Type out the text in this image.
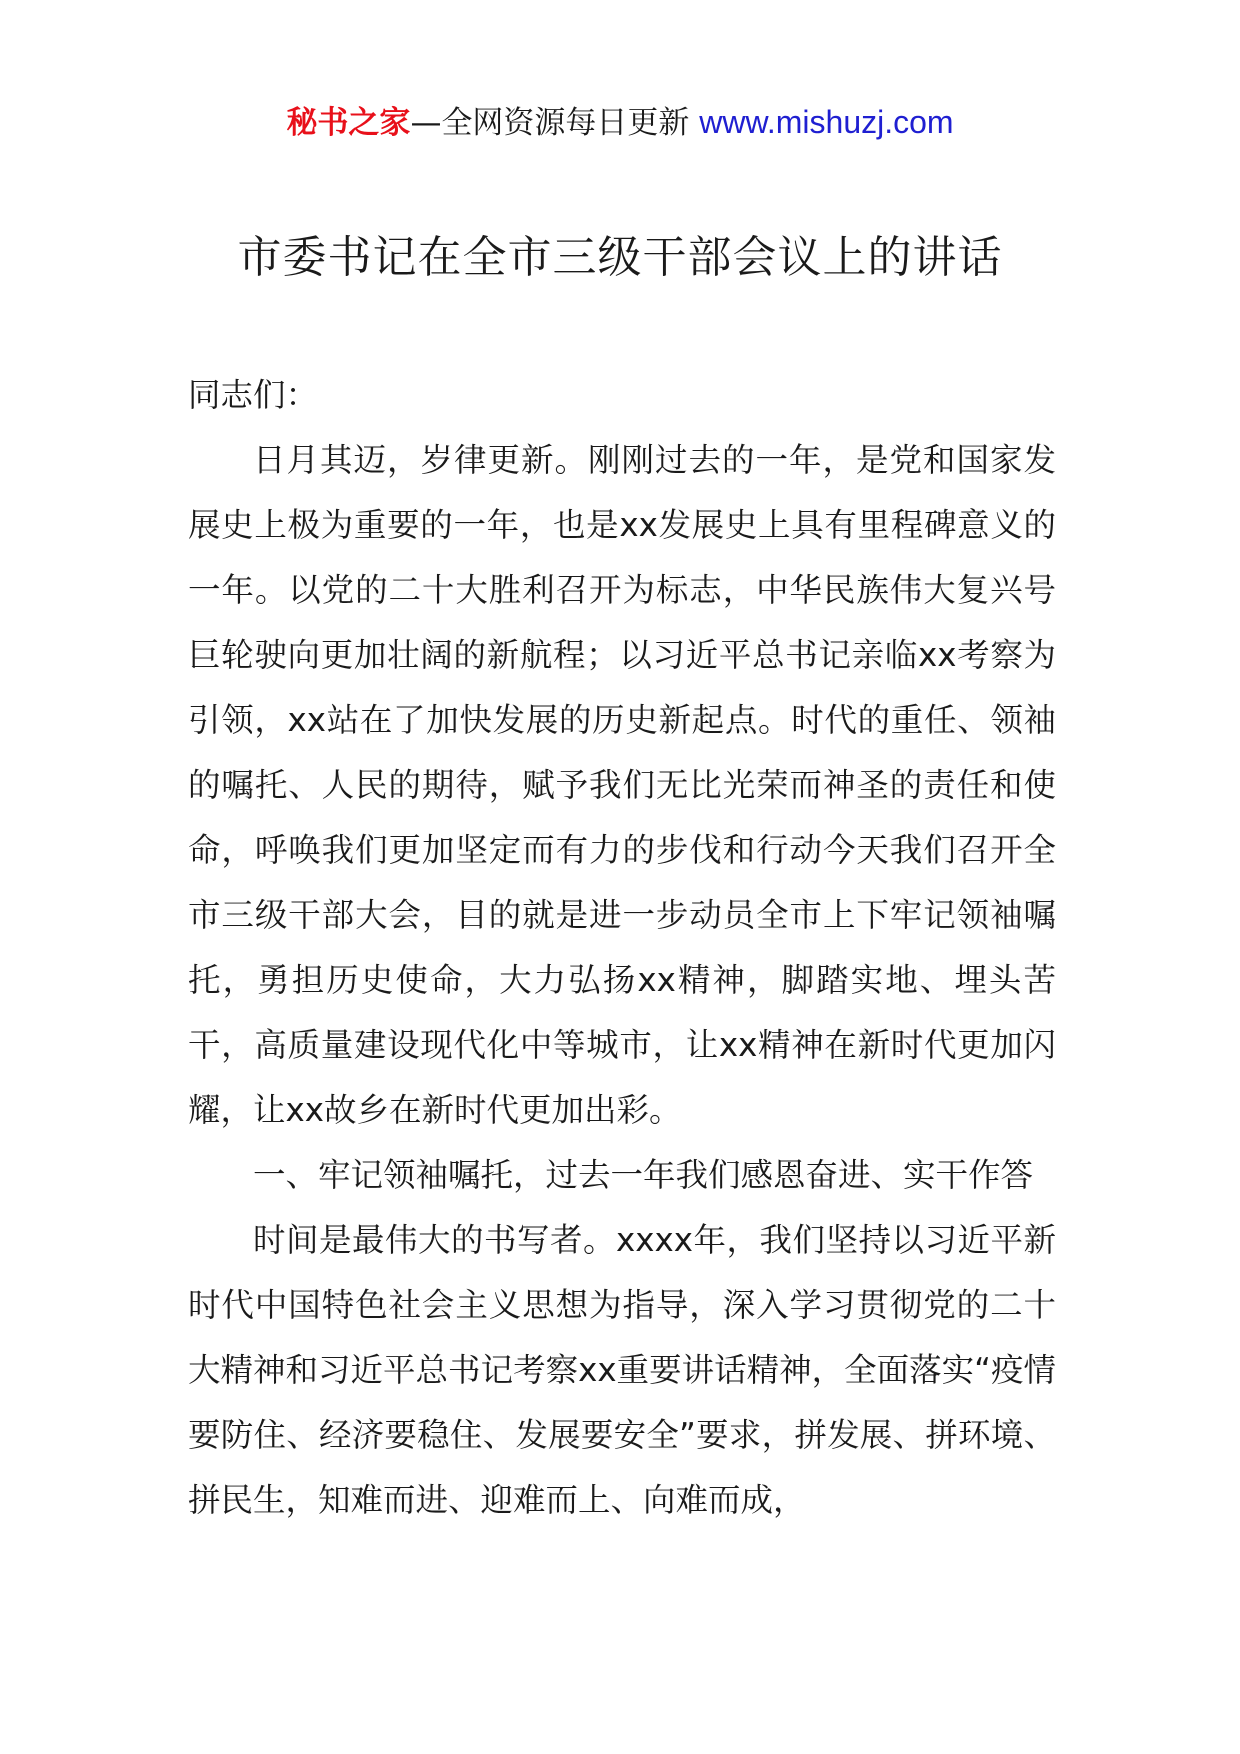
秘书之家—全网资源每日更新 www.mishuzj.com
市委书记在全市三级干部会议上的讲话

同志们：

日月其迈，岁律更新。刚刚过去的一年，是党和国家发展史上极为重要的一年，也是xx发展史上具有里程碑意义的一年。以党的二十大胜利召开为标志，中华民族伟大复兴号巨轮驶向更加壮阔的新航程；以习近平总书记亲临xx考察为引领，xx站在了加快发展的历史新起点。时代的重任、领袖的嘱托、人民的期待，赋予我们无比光荣而神圣的责任和使命，呼唤我们更加坚定而有力的步伐和行动今天我们召开全市三级干部大会，目的就是进一步动员全市上下牢记领袖嘱托，勇担历史使命，大力弘扬xx精神，脚踏实地、埋头苦干，高质量建设现代化中等城市，让xx精神在新时代更加闪耀，让xx故乡在新时代更加出彩。

一、牢记领袖嘱托，过去一年我们感恩奋进、实干作答

时间是最伟大的书写者。xxxx年，我们坚持以习近平新时代中国特色社会主义思想为指导，深入学习贯彻党的二十大精神和习近平总书记考察xx重要讲话精神，全面落实“疫情要防住、经济要稳住、发展要安全”要求，拼发展、拼环境、拼民生，知难而进、迎难而上、向难而成，
